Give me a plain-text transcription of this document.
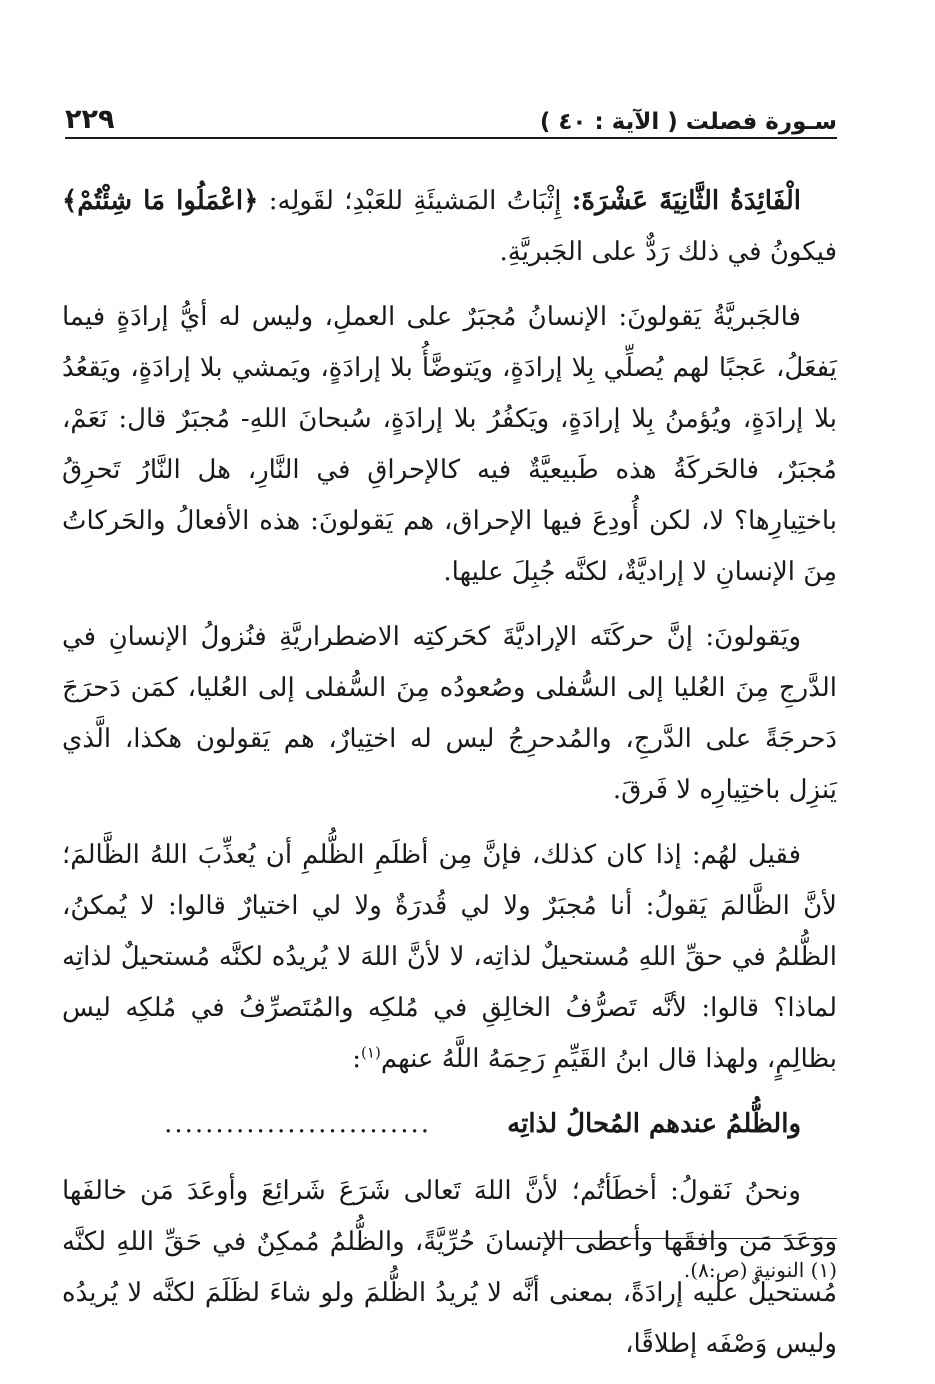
سـورة فصلت ( الآية : ٤٠ )
٢٢٩

الْفَائِدَةُ الثَّانِيَةَ عَشْرَةَ: إِثْبَاتُ المَشيئَةِ للعَبْدِ؛ لقَولِه: ﴿اعْمَلُوا مَا شِئْتُمْ﴾ فيكونُ في ذلك رَدٌّ على الجَبريَّةِ.

فالجَبريَّةُ يَقولونَ: الإنسانُ مُجبَرٌ على العملِ، وليس له أيُّ إرادَةٍ فيما يَفعَلُ، عَجبًا لهم يُصلِّي بِلا إرادَةٍ، ويَتوضَّأُ بلا إرادَةٍ، ويَمشي بلا إرادَةٍ، ويَقعُدُ بلا إرادَةٍ، ويُؤمنُ بِلا إرادَةٍ، ويَكفُرُ بلا إرادَةٍ، سُبحانَ اللهِ- مُجبَرٌ قال: نَعَمْ، مُجبَرٌ، فالحَركَةُ هذه طَبيعيَّةٌ فيه كالإحراقِ في النَّارِ، هل النَّارُ تَحرِقُ باختِيارِها؟ لا، لكن أُودِعَ فيها الإحراق، هم يَقولونَ: هذه الأفعالُ والحَركاتُ مِنَ الإنسانِ لا إراديَّةٌ، لكنَّه جُبِلَ عليها.

ويَقولونَ: إنَّ حركَتَه الإراديَّةَ كحَركتِه الاضطراريَّةِ فنُزولُ الإنسانِ في الدَّرجِ مِنَ العُليا إلى السُّفلى وصُعودُه مِنَ السُّفلى إلى العُليا، كمَن دَحرَجَ دَحرجَةً على الدَّرجِ، والمُدحرِجُ ليس له اختِيارٌ، هم يَقولون هكذا، الَّذي يَنزِل باختِيارِه لا فَرقَ.

فقيل لهُم: إذا كان كذلك، فإنَّ مِن أظلَمِ الظُّلمِ أن يُعذِّبَ اللهُ الظَّالمَ؛ لأنَّ الظَّالمَ يَقولُ: أنا مُجبَرٌ ولا لي قُدرَةٌ ولا لي اختيارٌ قالوا: لا يُمكنُ، الظُّلمُ في حقِّ اللهِ مُستحيلٌ لذاتِه، لا لأنَّ اللهَ لا يُريدُه لكنَّه مُستحيلٌ لذاتِه لماذا؟ قالوا: لأنَّه تَصرُّفُ الخالِقِ في مُلكِه والمُتَصرِّفُ في مُلكِه ليس بظالِمٍ، ولهذا قال ابنُ القَيِّمِ رَحِمَهُ اللَّهُ عنهم$^{(١)}$:

والظُّلمُ عندهم المُحالُ لذاتِه
..........................

ونحنُ نَقولُ: أخطَأتُم؛ لأنَّ اللهَ تَعالى شَرَعَ شَرائِعَ وأوعَدَ مَن خالفَها ووَعَدَ مَن وافقَها وأعطى الإنسانَ حُرِّيَّةً، والظُّلمُ مُمكِنٌ في حَقِّ اللهِ لكنَّه مُستحيلٌ عليه إرادَةً، بمعنى أنَّه لا يُريدُ الظُّلمَ ولو شاءَ لظَلَمَ لكنَّه لا يُريدُه وليس وَصْفَه إطلاقًا،

(١) النونية (ص:٨).
